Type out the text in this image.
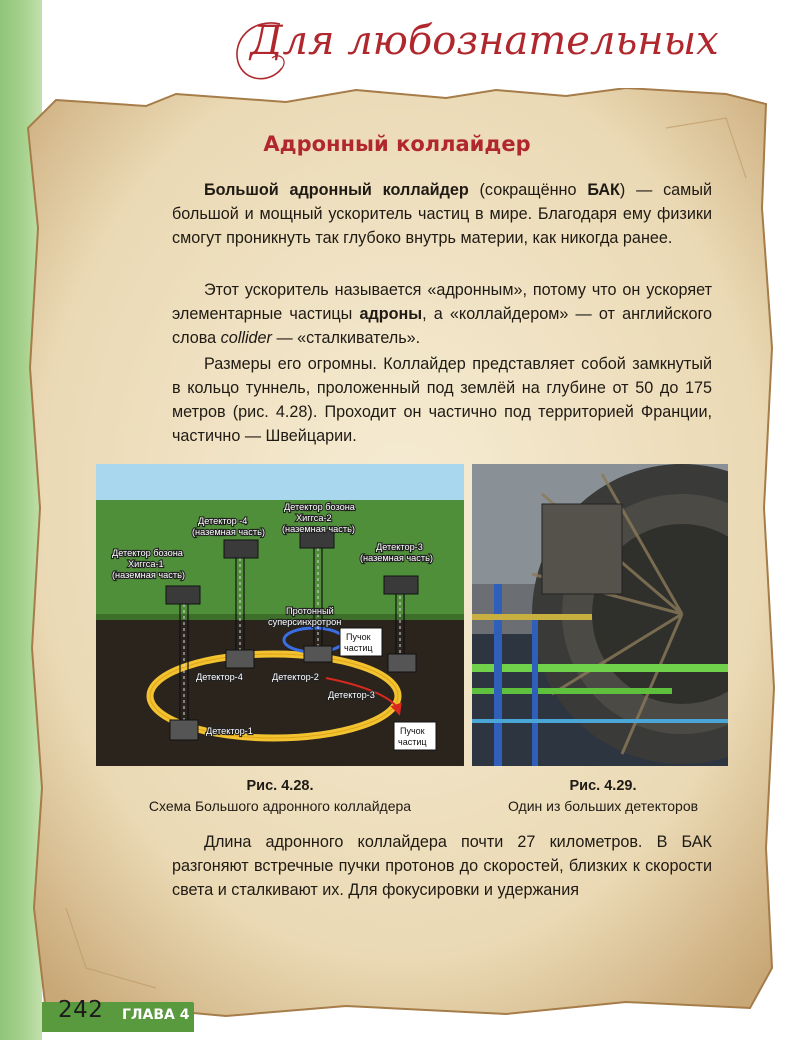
Для любознательных
Адронный коллайдер
Большой адронный коллайдер (сокращённо БАК) — самый большой и мощный ускоритель частиц в мире. Благодаря ему физики смогут проникнуть так глубоко внутрь материи, как никогда ранее.
Этот ускоритель называется «адронным», потому что он ускоряет элементарные частицы адроны, а «коллайдером» — от английского слова collider — «сталкиватель».
Размеры его огромны. Коллайдер представляет собой замкнутый в кольцо туннель, проложенный под землёй на глубине от 50 до 175 метров (рис. 4.28). Проходит он частично под территорией Франции, частично — Швейцарии.
Детектор -4
(наземная часть)
Детектор бозона
Хиггса-2
(наземная часть)
Детектор бозона
Хиггса-1
(наземная часть)
Детектор-3
(наземная часть)
Протонный
суперсинхротрон
Пучок
частиц
Пучок
частиц
Детектор-1
Детектор-2
Детектор-3
Детектор-4
Рис. 4.28.
Схема Большого адронного коллайдера
Рис. 4.29.
Один из больших детекторов
Длина адронного коллайдера почти 27 километров. В БАК разгоняют встречные пучки протонов до скоростей, близких к скорости света и сталкивают их. Для фокусировки и удержания
242 ГЛАВА 4
